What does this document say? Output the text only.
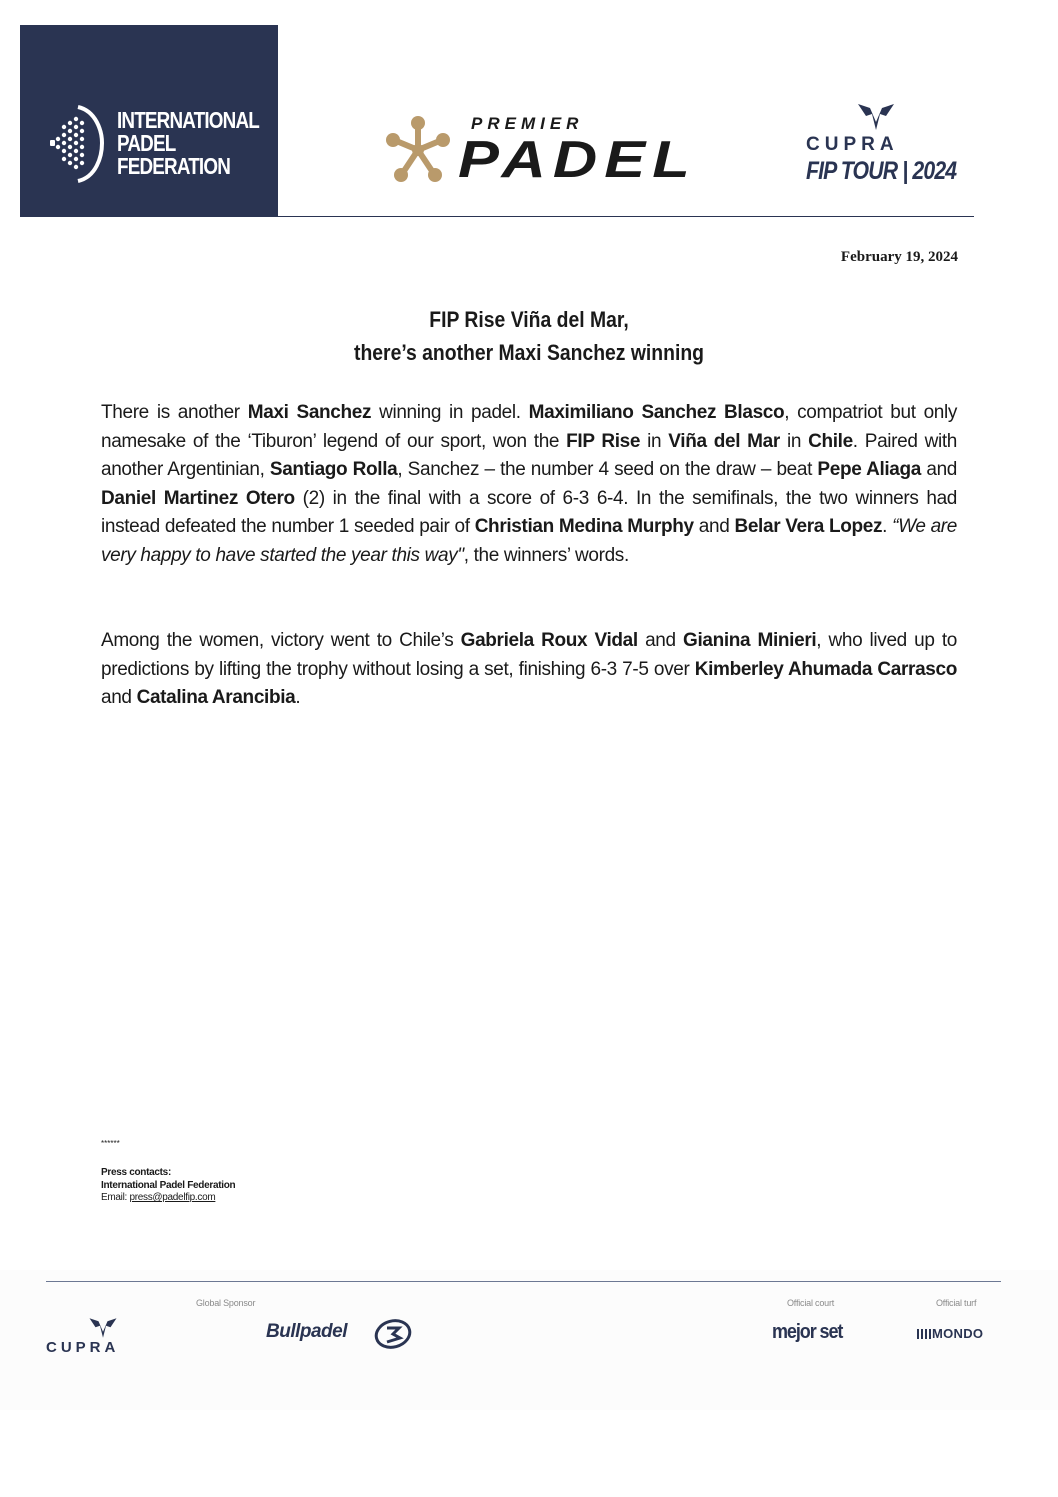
INTERNATIONAL
PADEL
FEDERATION
PREMIER
PADEL	CUPRA
FIP TOUR | 2024
February 19, 2024
FIP Rise Viña del Mar,
there’s another Maxi Sanchez winning
There is another Maxi Sanchez winning in padel. Maximiliano Sanchez Blasco, compatriot but only namesake of the ‘Tiburon’ legend of our sport, won the FIP Rise in Viña del Mar in Chile. Paired with another Argentinian, Santiago Rolla, Sanchez – the number 4 seed on the draw – beat Pepe Aliaga and Daniel Martinez Otero (2) in the final with a score of 6-3 6-4. In the semifinals, the two winners had instead defeated the number 1 seeded pair of Christian Medina Murphy and Belar Vera Lopez. “We are very happy to have started the year this way", the winners’ words.
Among the women, victory went to Chile’s Gabriela Roux Vidal and Gianina Minieri, who lived up to predictions by lifting the trophy without losing a set, finishing 6-3 7-5 over Kimberley Ahumada Carrasco and Catalina Arancibia.
******
Press contacts:
International Padel Federation
Email: press@padelfip.com
Global Sponsor	Official court	Official turf
CUPRA
Bullpadel	mejor set	MONDO
